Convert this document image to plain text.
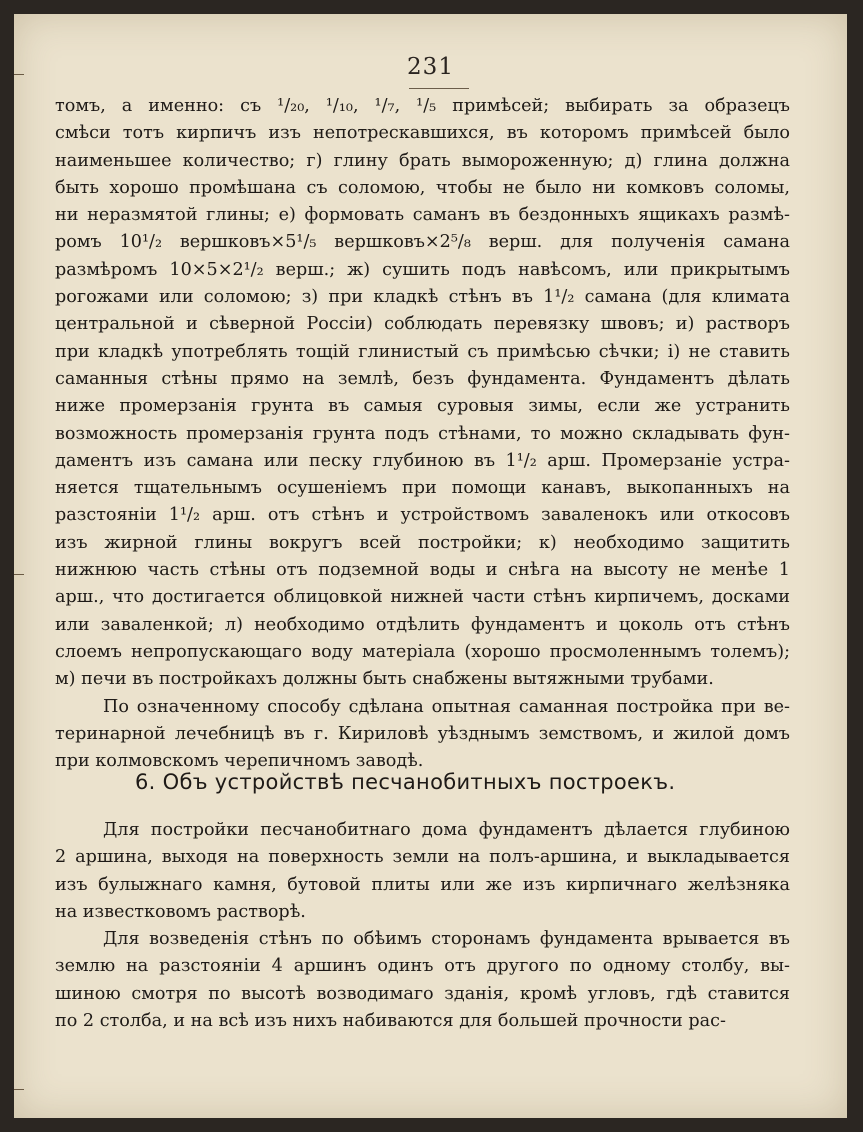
231
томъ, а именно: съ ¹/₂₀, ¹/₁₀, ¹/₇, ¹/₅ примѣсей; выбирать за образецъ
смѣси тотъ кирпичъ изъ непотрескавшихся, въ которомъ примѣсей было
наименьшее количество; г) глину брать вымороженную; д) глина должна
быть хорошо промѣшана съ соломою, чтобы не было ни комковъ соломы,
ни неразмятой глины; е) формовать саманъ въ бездонныхъ ящикахъ размѣ-
ромъ 10¹/₂ вершковъ×5¹/₅ вершковъ×2⁵/₈ верш. для полученія самана
размѣромъ 10×5×2¹/₂ верш.; ж) сушить подъ навѣсомъ, или прикрытымъ
рогожами или соломою; з) при кладкѣ стѣнъ въ 1¹/₂ самана (для климата
центральной и сѣверной Россіи) соблюдать перевязку швовъ; и) растворъ
при кладкѣ употреблять тощій глинистый съ примѣсью сѣчки; і) не ставить
саманныя стѣны прямо на землѣ, безъ фундамента. Фундаментъ дѣлать
ниже промерзанія грунта въ самыя суровыя зимы, если же устранить
возможность промерзанія грунта подъ стѣнами, то можно складывать фун-
даментъ изъ самана или песку глубиною въ 1¹/₂ арш. Промерзаніе устра-
няется тщательнымъ осушеніемъ при помощи канавъ, выкопанныхъ на
разстояніи 1¹/₂ арш. отъ стѣнъ и устройствомъ заваленокъ или откосовъ
изъ жирной глины вокругъ всей постройки; к) необходимо защитить
нижнюю часть стѣны отъ подземной воды и снѣга на высоту не менѣе 1
арш., что достигается облицовкой нижней части стѣнъ кирпичемъ, досками
или заваленкой; л) необходимо отдѣлить фундаментъ и цоколь отъ стѣнъ
слоемъ непропускающаго воду матеріала (хорошо просмоленнымъ толемъ);
м) печи въ постройкахъ должны быть снабжены вытяжными трубами.
По означенному способу сдѣлана опытная саманная постройка при ве-
теринарной лечебницѣ въ г. Кириловѣ уѣзднымъ земствомъ, и жилой домъ
при колмовскомъ черепичномъ заводѣ.
6. Объ устройствѣ песчанобитныхъ построекъ.
Для постройки песчанобитнаго дома фундаментъ дѣлается глубиною
2 аршина, выходя на поверхность земли на полъ-аршина, и выкладывается
изъ булыжнаго камня, бутовой плиты или же изъ кирпичнаго желѣзняка
на известковомъ растворѣ.
Для возведенія стѣнъ по обѣимъ сторонамъ фундамента врывается въ
землю на разстояніи 4 аршинъ одинъ отъ другого по одному столбу, вы-
шиною смотря по высотѣ возводимаго зданія, кромѣ угловъ, гдѣ ставится
по 2 столба, и на всѣ изъ нихъ набиваются для большей прочности рас-
